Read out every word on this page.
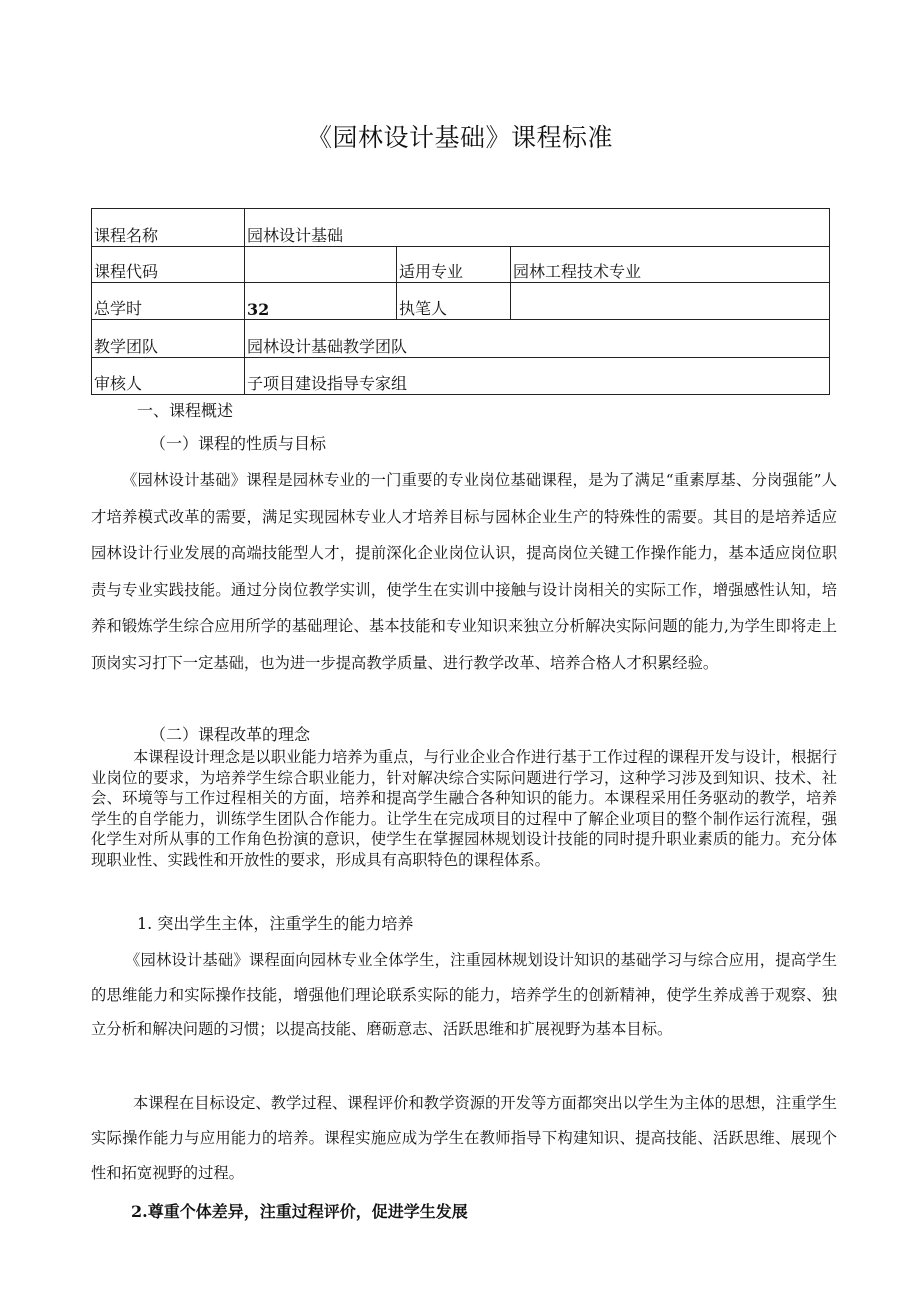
《园林设计基础》课程标准
课程名称	园林设计基础		
课程代码		适用专业	园林工程技术专业
总学时	32	执笔人	
教学团队	园林设计基础教学团队		
审核人	子项目建设指导专家组		
一、课程概述
（一）课程的性质与目标
《园林设计基础》课程是园林专业的一门重要的专业岗位基础课程，是为了满足“重素厚基、分岗强能”人才培养模式改革的需要，满足实现园林专业人才培养目标与园林企业生产的特殊性的需要。其目的是培养适应园林设计行业发展的高端技能型人才，提前深化企业岗位认识，提高岗位关键工作操作能力，基本适应岗位职责与专业实践技能。通过分岗位教学实训，使学生在实训中接触与设计岗相关的实际工作，增强感性认知，培养和锻炼学生综合应用所学的基础理论、基本技能和专业知识来独立分析解决实际问题的能力,为学生即将走上顶岗实习打下一定基础，也为进一步提高教学质量、进行教学改革、培养合格人才积累经验。
（二）课程改革的理念
本课程设计理念是以职业能力培养为重点，与行业企业合作进行基于工作过程的课程开发与设计，根据行业岗位的要求，为培养学生综合职业能力，针对解决综合实际问题进行学习，这种学习涉及到知识、技术、社会、环境等与工作过程相关的方面，培养和提高学生融合各种知识的能力。本课程采用任务驱动的教学，培养学生的自学能力，训练学生团队合作能力。让学生在完成项目的过程中了解企业项目的整个制作运行流程，强化学生对所从事的工作角色扮演的意识，使学生在掌握园林规划设计技能的同时提升职业素质的能力。充分体现职业性、实践性和开放性的要求，形成具有高职特色的课程体系。
1. 突出学生主体，注重学生的能力培养
《园林设计基础》课程面向园林专业全体学生，注重园林规划设计知识的基础学习与综合应用，提高学生的思维能力和实际操作技能，增强他们理论联系实际的能力，培养学生的创新精神，使学生养成善于观察、独立分析和解决问题的习惯；以提高技能、磨砺意志、活跃思维和扩展视野为基本目标。
本课程在目标设定、教学过程、课程评价和教学资源的开发等方面都突出以学生为主体的思想，注重学生实际操作能力与应用能力的培养。课程实施应成为学生在教师指导下构建知识、提高技能、活跃思维、展现个性和拓宽视野的过程。
2.尊重个体差异，注重过程评价，促进学生发展
